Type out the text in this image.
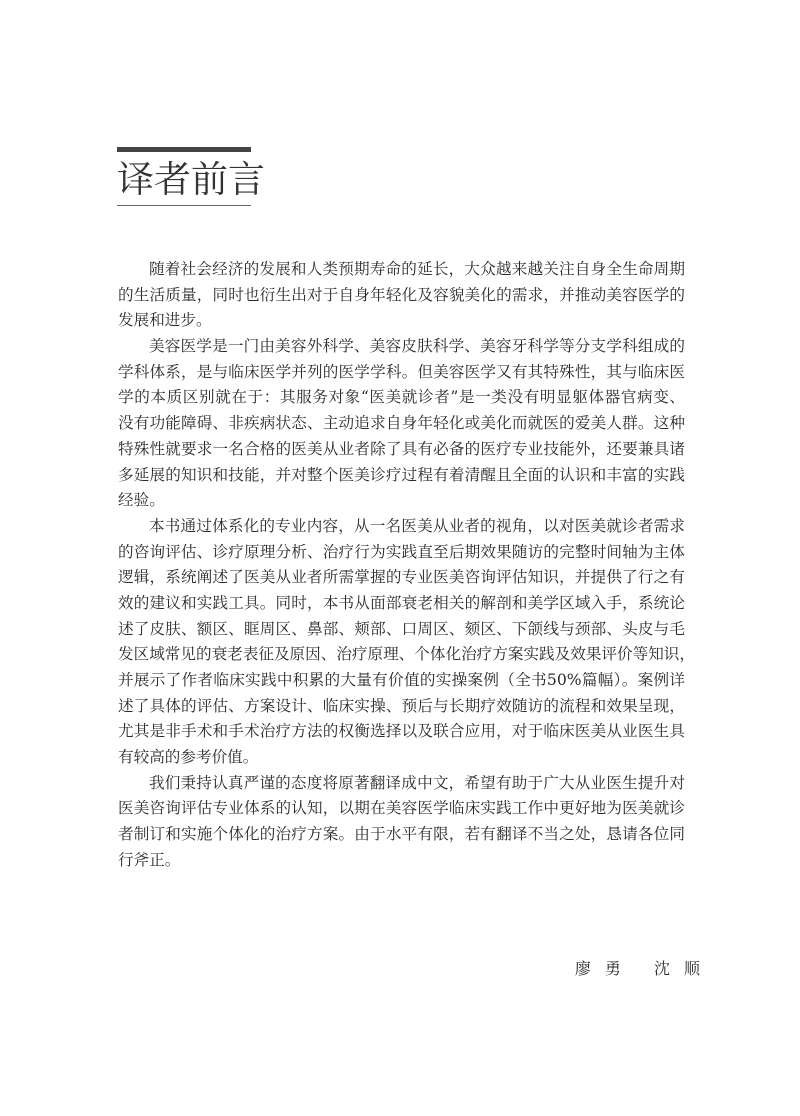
译者前言
随着社会经济的发展和人类预期寿命的延长，大众越来越关注自身全生命周期
的生活质量，同时也衍生出对于自身年轻化及容貌美化的需求，并推动美容医学的
发展和进步。
美容医学是一门由美容外科学、美容皮肤科学、美容牙科学等分支学科组成的
学科体系，是与临床医学并列的医学学科。但美容医学又有其特殊性，其与临床医
学的本质区别就在于：其服务对象“医美就诊者”是一类没有明显躯体器官病变、
没有功能障碍、非疾病状态、主动追求自身年轻化或美化而就医的爱美人群。这种
特殊性就要求一名合格的医美从业者除了具有必备的医疗专业技能外，还要兼具诸
多延展的知识和技能，并对整个医美诊疗过程有着清醒且全面的认识和丰富的实践
经验。
本书通过体系化的专业内容，从一名医美从业者的视角，以对医美就诊者需求
的咨询评估、诊疗原理分析、治疗行为实践直至后期效果随访的完整时间轴为主体
逻辑，系统阐述了医美从业者所需掌握的专业医美咨询评估知识，并提供了行之有
效的建议和实践工具。同时，本书从面部衰老相关的解剖和美学区域入手，系统论
述了皮肤、额区、眶周区、鼻部、颊部、口周区、颏区、下颌线与颈部、头皮与毛
发区域常见的衰老表征及原因、治疗原理、个体化治疗方案实践及效果评价等知识，
并展示了作者临床实践中积累的大量有价值的实操案例（全书50%篇幅）。案例详
述了具体的评估、方案设计、临床实操、预后与长期疗效随访的流程和效果呈现，
尤其是非手术和手术治疗方法的权衡选择以及联合应用，对于临床医美从业医生具
有较高的参考价值。
我们秉持认真严谨的态度将原著翻译成中文，希望有助于广大从业医生提升对
医美咨询评估专业体系的认知，以期在美容医学临床实践工作中更好地为医美就诊
者制订和实施个体化的治疗方案。由于水平有限，若有翻译不当之处，恳请各位同
行斧正。
廖勇 沈顺
